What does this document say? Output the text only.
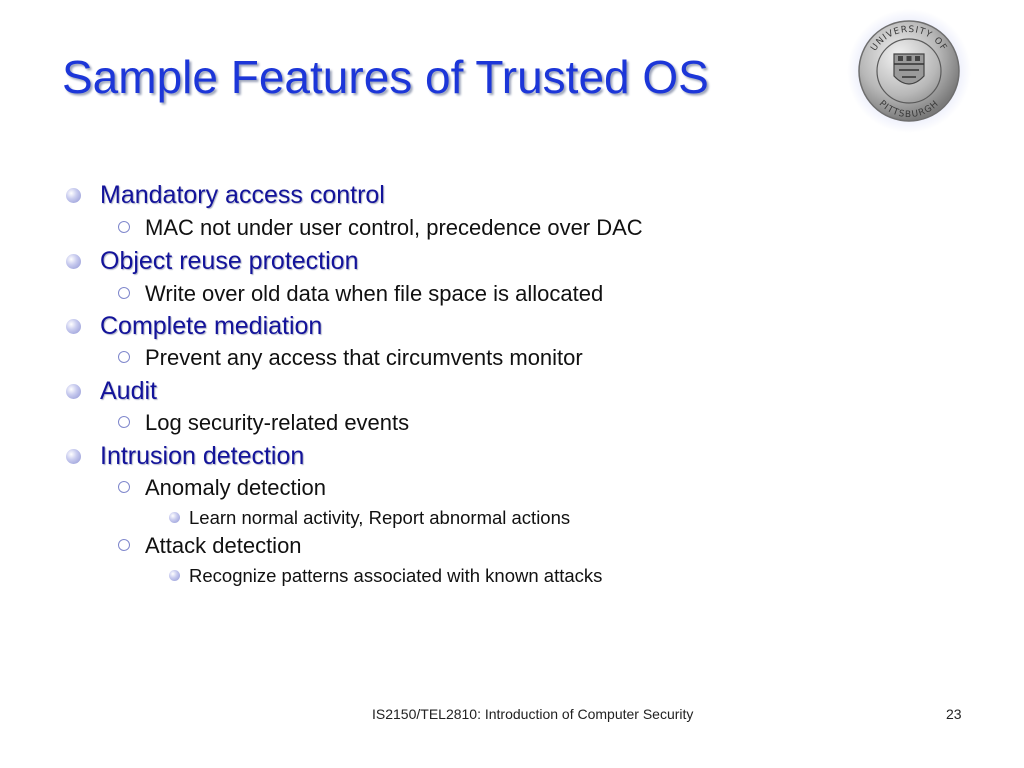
Sample Features of Trusted OS
UNIVERSITY OF
PITTSBURGH
Mandatory access control
MAC not under user control, precedence over DAC
Object reuse protection
Write over old data when file space is allocated
Complete mediation
Prevent any access that circumvents monitor
Audit
Log security-related events
Intrusion detection
Anomaly detection
Learn normal activity, Report abnormal actions
Attack detection
Recognize patterns associated with known attacks
IS2150/TEL2810: Introduction of Computer Security	23
